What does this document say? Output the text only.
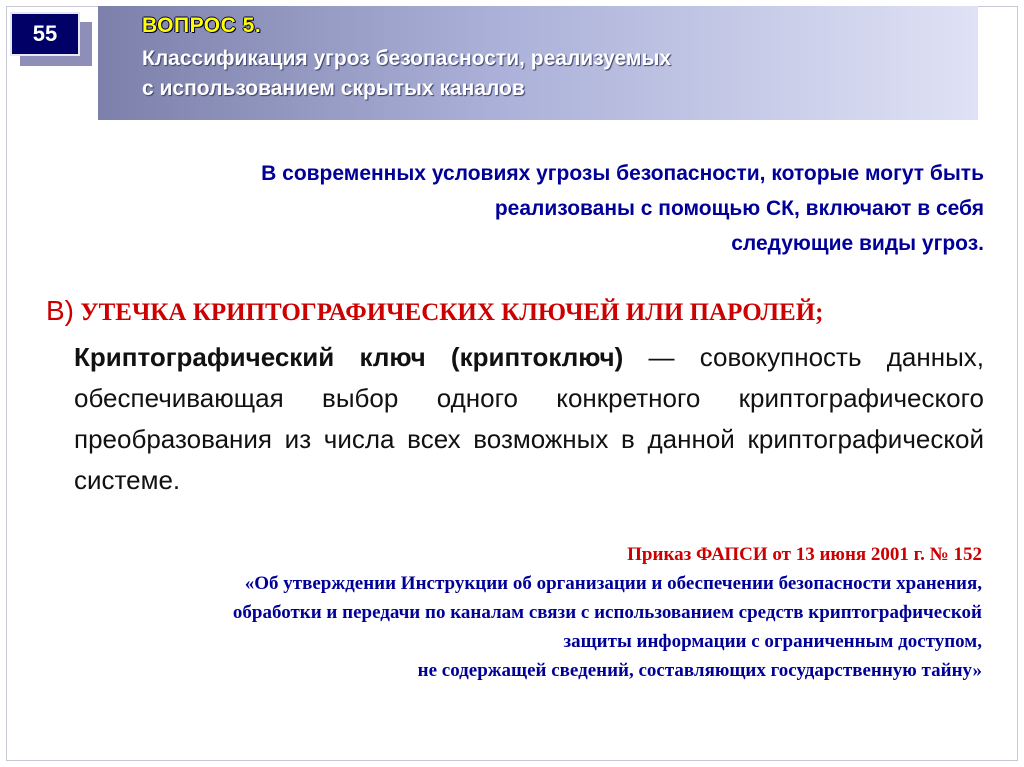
55	ВОПРОС 5.
Классификация угроз безопасности, реализуемых
с использованием скрытых каналов
В современных условиях угрозы безопасности, которые могут быть
реализованы с помощью СК, включают в себя
следующие виды угроз.
В) УТЕЧКА КРИПТОГРАФИЧЕСКИХ КЛЮЧЕЙ ИЛИ ПАРОЛЕЙ;
Криптографический ключ (криптоключ) — совокупность данных, обеспечивающая выбор одного конкретного криптографического преобразования из числа всех возможных в данной криптографической системе.
Приказ ФАПСИ от 13 июня 2001 г. № 152
«Об утверждении Инструкции об организации и обеспечении безопасности хранения,
обработки и передачи по каналам связи с использованием средств криптографической
защиты информации с ограниченным доступом,
не содержащей сведений, составляющих государственную тайну»
